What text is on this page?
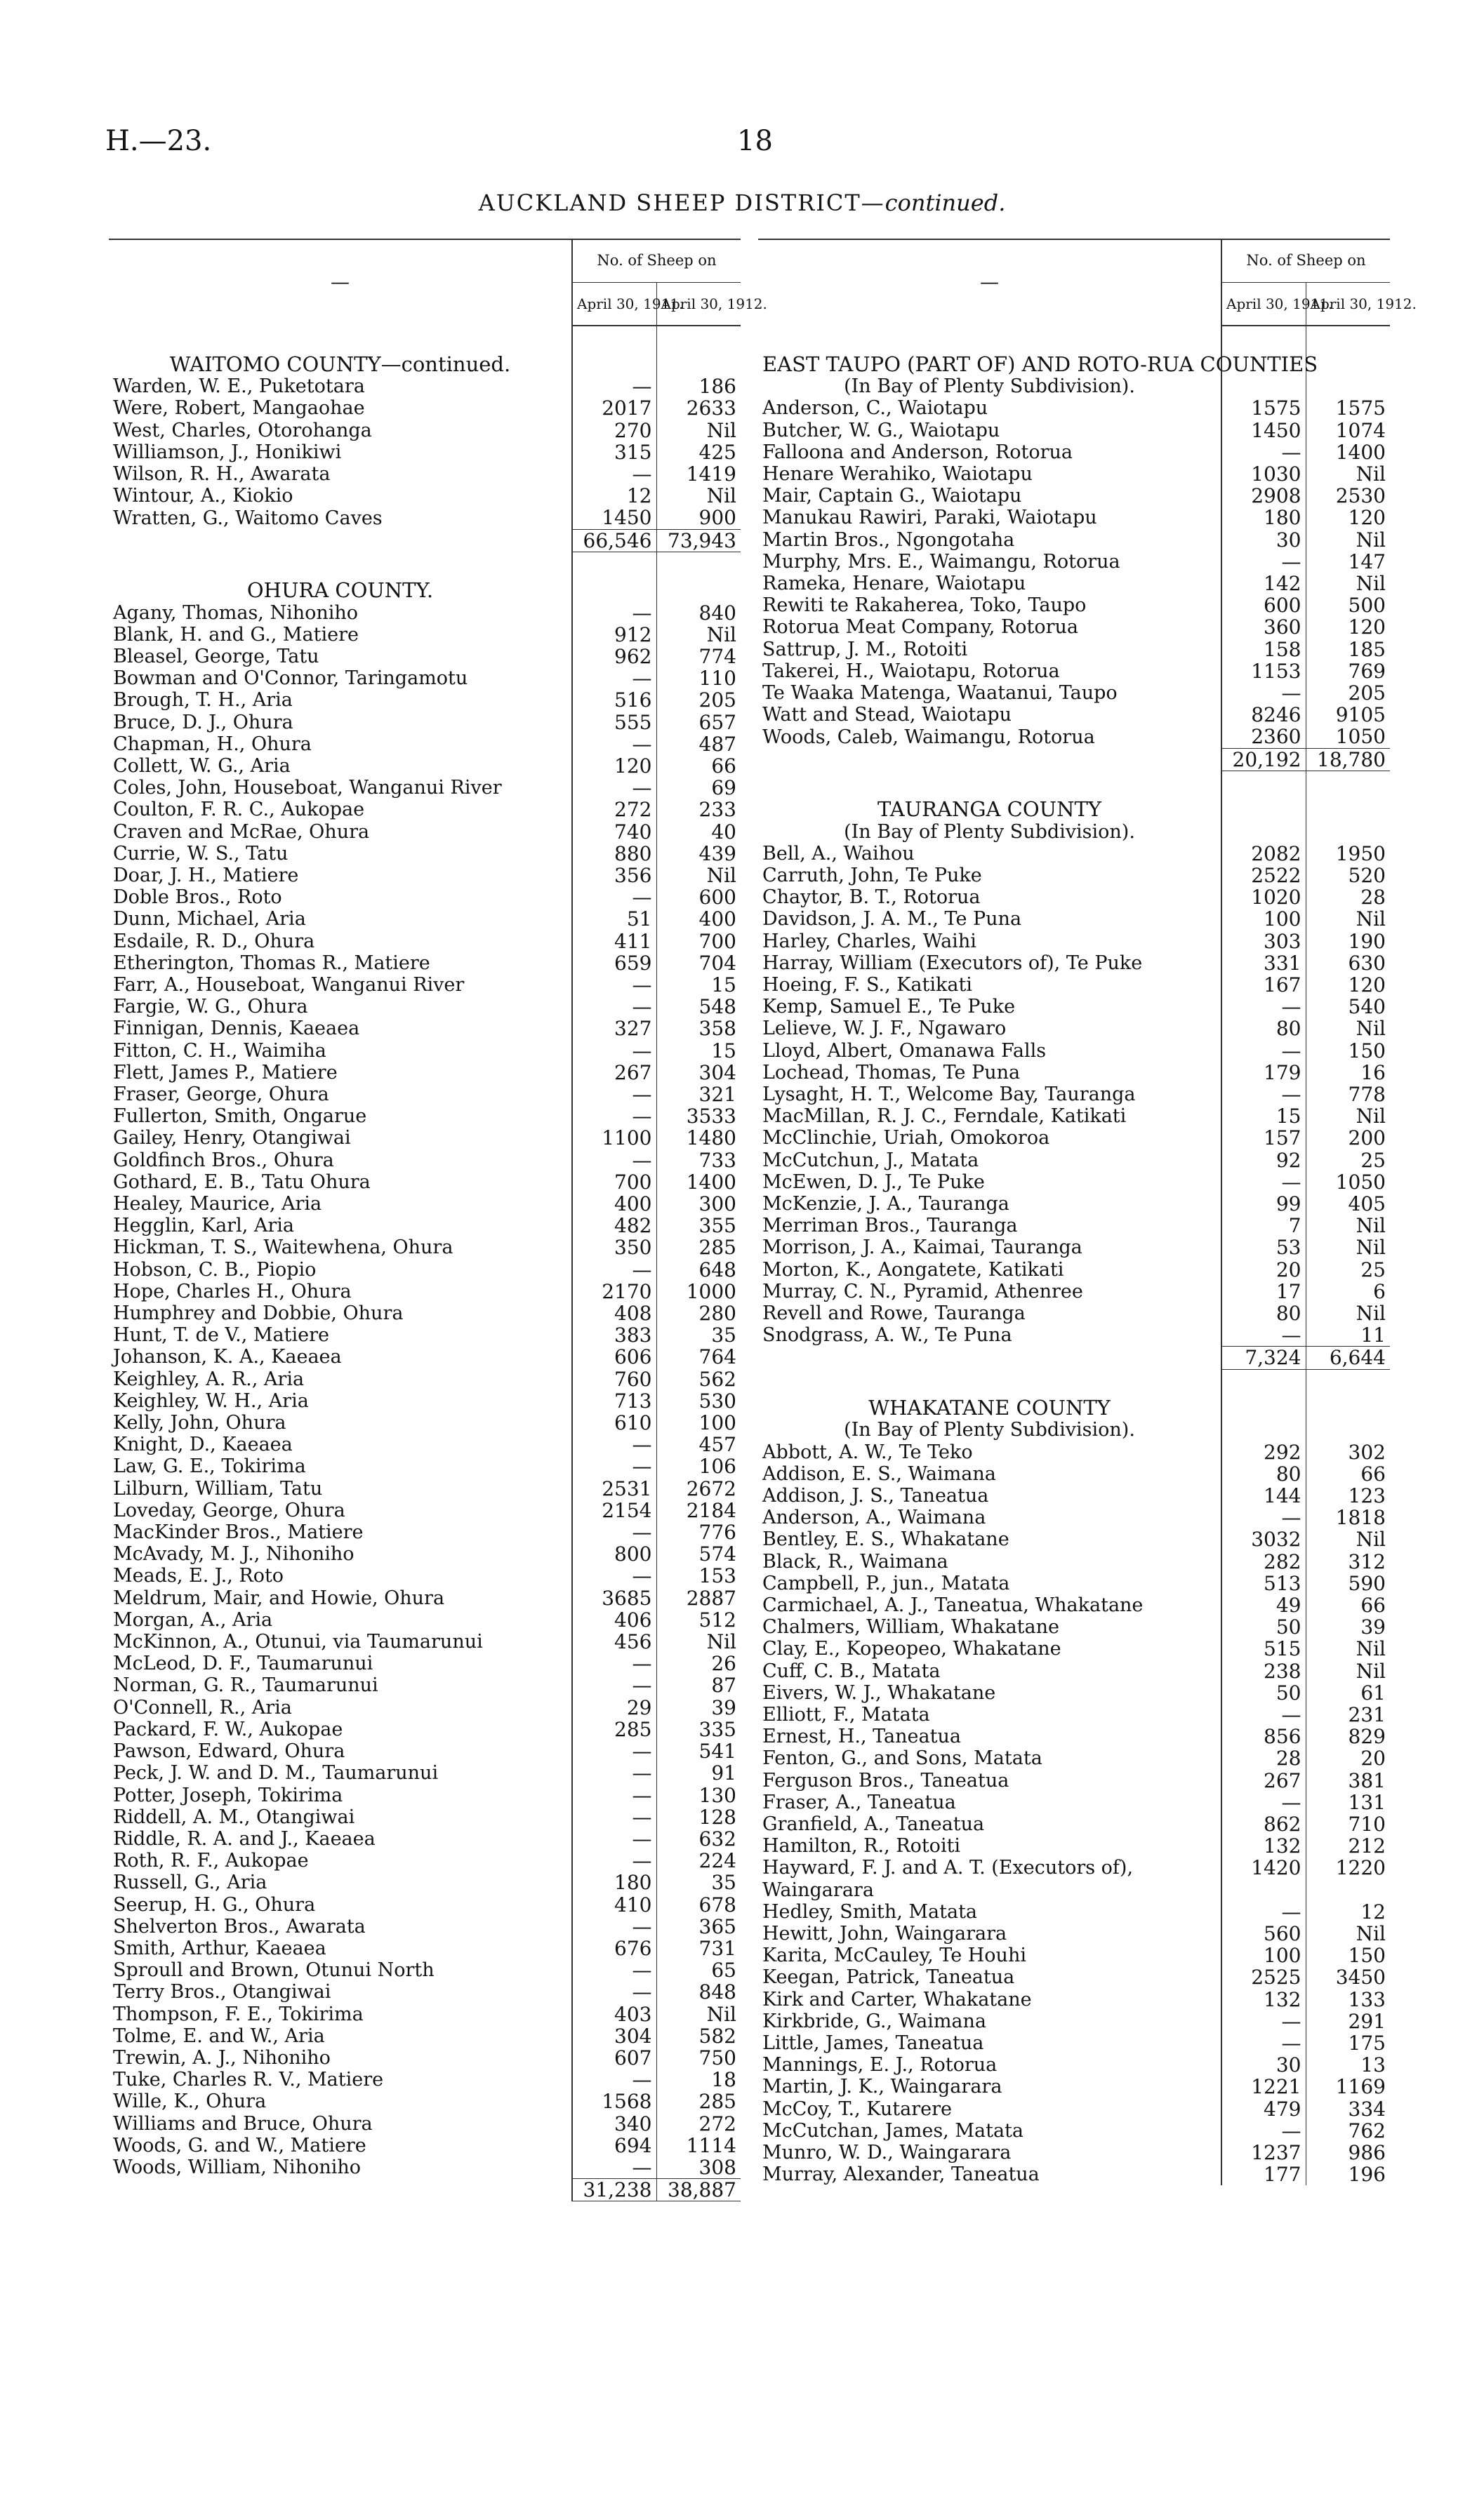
H.—23.	18
AUCKLAND SHEEP DISTRICT—continued.
—	No. of Sheep on	
	April 30, 1911.	April 30, 1912.
WAITOMO COUNTY—continued.		
Warden, W. E., Puketotara	—	186
Were, Robert, Mangaohae	2017	2633
West, Charles, Otorohanga	270	Nil
Williamson, J., Honikiwi	315	425
Wilson, R. H., Awarata	—	1419
Wintour, A., Kiokio	12	Nil
Wratten, G., Waitomo Caves	1450	900
	66,546	73,943
OHURA COUNTY.		
Agany, Thomas, Nihoniho	—	840
Blank, H. and G., Matiere	912	Nil
Bleasel, George, Tatu	962	774
Bowman and O'Connor, Taringamotu	—	110
Brough, T. H., Aria	516	205
Bruce, D. J., Ohura	555	657
Chapman, H., Ohura	—	487
Collett, W. G., Aria	120	66
Coles, John, Houseboat, Wanganui River	—	69
Coulton, F. R. C., Aukopae	272	233
Craven and McRae, Ohura	740	40
Currie, W. S., Tatu	880	439
Doar, J. H., Matiere	356	Nil
Doble Bros., Roto	—	600
Dunn, Michael, Aria	51	400
Esdaile, R. D., Ohura	411	700
Etherington, Thomas R., Matiere	659	704
Farr, A., Houseboat, Wanganui River	—	15
Fargie, W. G., Ohura	—	548
Finnigan, Dennis, Kaeaea	327	358
Fitton, C. H., Waimiha	—	15
Flett, James P., Matiere	267	304
Fraser, George, Ohura	—	321
Fullerton, Smith, Ongarue	—	3533
Gailey, Henry, Otangiwai	1100	1480
Goldfinch Bros., Ohura	—	733
Gothard, E. B., Tatu Ohura	700	1400
Healey, Maurice, Aria	400	300
Hegglin, Karl, Aria	482	355
Hickman, T. S., Waitewhena, Ohura	350	285
Hobson, C. B., Piopio	—	648
Hope, Charles H., Ohura	2170	1000
Humphrey and Dobbie, Ohura	408	280
Hunt, T. de V., Matiere	383	35
Johanson, K. A., Kaeaea	606	764
Keighley, A. R., Aria	760	562
Keighley, W. H., Aria	713	530
Kelly, John, Ohura	610	100
Knight, D., Kaeaea	—	457
Law, G. E., Tokirima	—	106
Lilburn, William, Tatu	2531	2672
Loveday, George, Ohura	2154	2184
MacKinder Bros., Matiere	—	776
McAvady, M. J., Nihoniho	800	574
Meads, E. J., Roto	—	153
Meldrum, Mair, and Howie, Ohura	3685	2887
Morgan, A., Aria	406	512
McKinnon, A., Otunui, via Taumarunui	456	Nil
McLeod, D. F., Taumarunui	—	26
Norman, G. R., Taumarunui	—	87
O'Connell, R., Aria	29	39
Packard, F. W., Aukopae	285	335
Pawson, Edward, Ohura	—	541
Peck, J. W. and D. M., Taumarunui	—	91
Potter, Joseph, Tokirima	—	130
Riddell, A. M., Otangiwai	—	128
Riddle, R. A. and J., Kaeaea	—	632
Roth, R. F., Aukopae	—	224
Russell, G., Aria	180	35
Seerup, H. G., Ohura	410	678
Shelverton Bros., Awarata	—	365
Smith, Arthur, Kaeaea	676	731
Sproull and Brown, Otunui North	—	65
Terry Bros., Otangiwai	—	848
Thompson, F. E., Tokirima	403	Nil
Tolme, E. and W., Aria	304	582
Trewin, A. J., Nihoniho	607	750
Tuke, Charles R. V., Matiere	—	18
Wille, K., Ohura	1568	285
Williams and Bruce, Ohura	340	272
Woods, G. and W., Matiere	694	1114
Woods, William, Nihoniho	—	308
	31,238	38,887
—	No. of Sheep on	
	April 30, 1911.	April 30, 1912.
EAST TAUPO (PART OF) AND ROTO-RUA COUNTIES		
(In Bay of Plenty Subdivision).		
Anderson, C., Waiotapu	1575	1575
Butcher, W. G., Waiotapu	1450	1074
Falloona and Anderson, Rotorua	—	1400
Henare Werahiko, Waiotapu	1030	Nil
Mair, Captain G., Waiotapu	2908	2530
Manukau Rawiri, Paraki, Waiotapu	180	120
Martin Bros., Ngongotaha	30	Nil
Murphy, Mrs. E., Waimangu, Rotorua	—	147
Rameka, Henare, Waiotapu	142	Nil
Rewiti te Rakaherea, Toko, Taupo	600	500
Rotorua Meat Company, Rotorua	360	120
Sattrup, J. M., Rotoiti	158	185
Takerei, H., Waiotapu, Rotorua	1153	769
Te Waaka Matenga, Waatanui, Taupo	—	205
Watt and Stead, Waiotapu	8246	9105
Woods, Caleb, Waimangu, Rotorua	2360	1050
	20,192	18,780
TAURANGA COUNTY		
(In Bay of Plenty Subdivision).		
Bell, A., Waihou	2082	1950
Carruth, John, Te Puke	2522	520
Chaytor, B. T., Rotorua	1020	28
Davidson, J. A. M., Te Puna	100	Nil
Harley, Charles, Waihi	303	190
Harray, William (Executors of), Te Puke	331	630
Hoeing, F. S., Katikati	167	120
Kemp, Samuel E., Te Puke	—	540
Lelieve, W. J. F., Ngawaro	80	Nil
Lloyd, Albert, Omanawa Falls	—	150
Lochead, Thomas, Te Puna	179	16
Lysaght, H. T., Welcome Bay, Tauranga	—	778
MacMillan, R. J. C., Ferndale, Katikati	15	Nil
McClinchie, Uriah, Omokoroa	157	200
McCutchun, J., Matata	92	25
McEwen, D. J., Te Puke	—	1050
McKenzie, J. A., Tauranga	99	405
Merriman Bros., Tauranga	7	Nil
Morrison, J. A., Kaimai, Tauranga	53	Nil
Morton, K., Aongatete, Katikati	20	25
Murray, C. N., Pyramid, Athenree	17	6
Revell and Rowe, Tauranga	80	Nil
Snodgrass, A. W., Te Puna	—	11
	7,324	6,644
WHAKATANE COUNTY		
(In Bay of Plenty Subdivision).		
Abbott, A. W., Te Teko	292	302
Addison, E. S., Waimana	80	66
Addison, J. S., Taneatua	144	123
Anderson, A., Waimana	—	1818
Bentley, E. S., Whakatane	3032	Nil
Black, R., Waimana	282	312
Campbell, P., jun., Matata	513	590
Carmichael, A. J., Taneatua, Whakatane	49	66
Chalmers, William, Whakatane	50	39
Clay, E., Kopeopeo, Whakatane	515	Nil
Cuff, C. B., Matata	238	Nil
Eivers, W. J., Whakatane	50	61
Elliott, F., Matata	—	231
Ernest, H., Taneatua	856	829
Fenton, G., and Sons, Matata	28	20
Ferguson Bros., Taneatua	267	381
Fraser, A., Taneatua	—	131
Granfield, A., Taneatua	862	710
Hamilton, R., Rotoiti	132	212
Hayward, F. J. and A. T. (Executors of),	1420	1220
Waingarara		
Hedley, Smith, Matata	—	12
Hewitt, John, Waingarara	560	Nil
Karita, McCauley, Te Houhi	100	150
Keegan, Patrick, Taneatua	2525	3450
Kirk and Carter, Whakatane	132	133
Kirkbride, G., Waimana	—	291
Little, James, Taneatua	—	175
Mannings, E. J., Rotorua	30	13
Martin, J. K., Waingarara	1221	1169
McCoy, T., Kutarere	479	334
McCutchan, James, Matata	—	762
Munro, W. D., Waingarara	1237	986
Murray, Alexander, Taneatua	177	196
